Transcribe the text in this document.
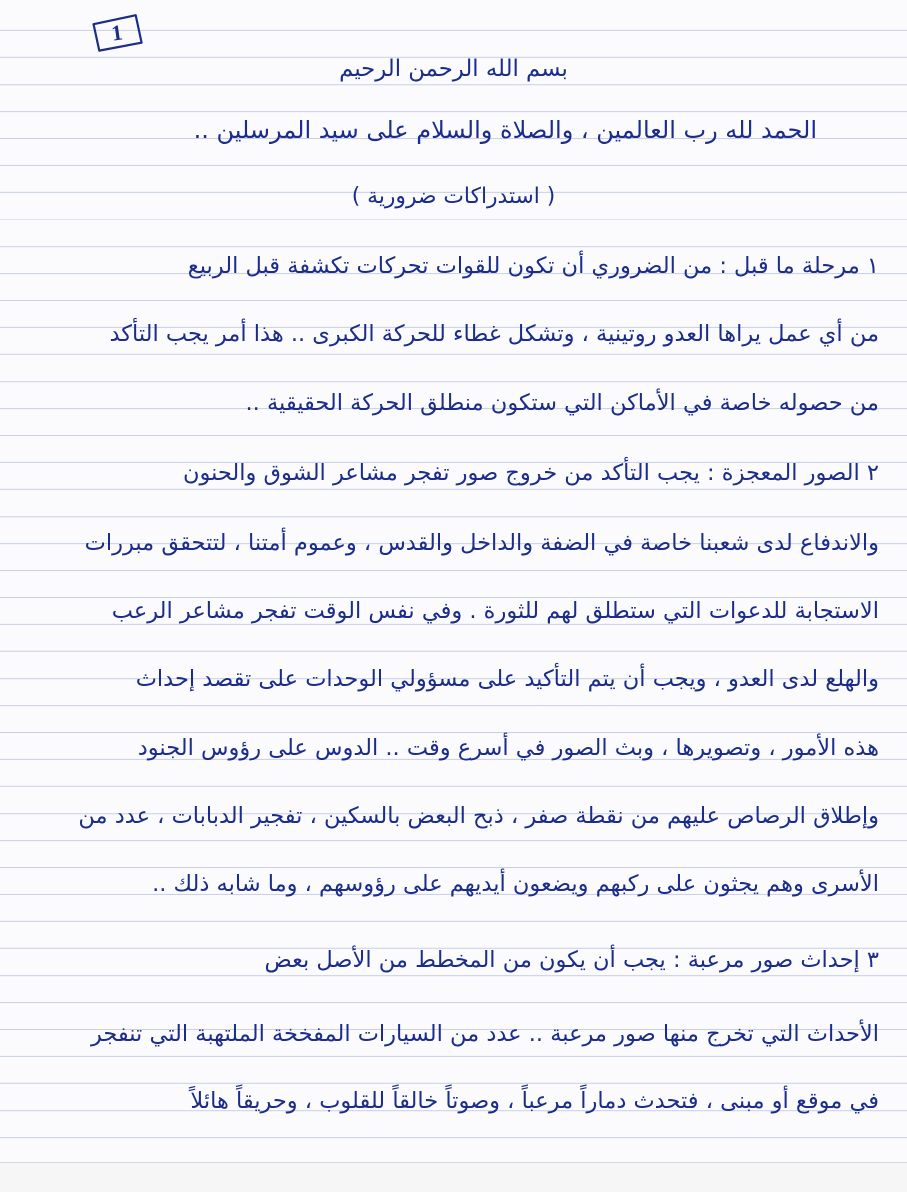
1
بسم الله الرحمن الرحيم
الحمد لله رب العالمين ، والصلاة والسلام على سيد المرسلين ..
( استدراكات ضرورية )
١ مرحلة ما قبل : من الضروري أن تكون للقوات تحركات تكشفة قبل الربيع
من أي عمل يراها العدو روتينية ، وتشكل غطاء للحركة الكبرى .. هذا أمر يجب التأكد
من حصوله خاصة في الأماكن التي ستكون منطلق الحركة الحقيقية ..
٢ الصور المعجزة : يجب التأكد من خروج صور تفجر مشاعر الشوق والحنون
والاندفاع لدى شعبنا خاصة في الضفة والداخل والقدس ، وعموم أمتنا ، لتتحقق مبررات
الاستجابة للدعوات التي ستطلق لهم للثورة . وفي نفس الوقت تفجر مشاعر الرعب
والهلع لدى العدو ، ويجب أن يتم التأكيد على مسؤولي الوحدات على تقصد إحداث
هذه الأمور ، وتصويرها ، وبث الصور في أسرع وقت .. الدوس على رؤوس الجنود
وإطلاق الرصاص عليهم من نقطة صفر ، ذبح البعض بالسكين ، تفجير الدبابات ، عدد من
الأسرى وهم يجثون على ركبهم ويضعون أيديهم على رؤوسهم ، وما شابه ذلك ..
٣ إحداث صور مرعبة : يجب أن يكون من المخطط من الأصل بعض
الأحداث التي تخرج منها صور مرعبة .. عدد من السيارات المفخخة الملتهبة التي تنفجر
في موقع أو مبنى ، فتحدث دماراً مرعباً ، وصوتاً خالقاً للقلوب ، وحريقاً هائلاً
